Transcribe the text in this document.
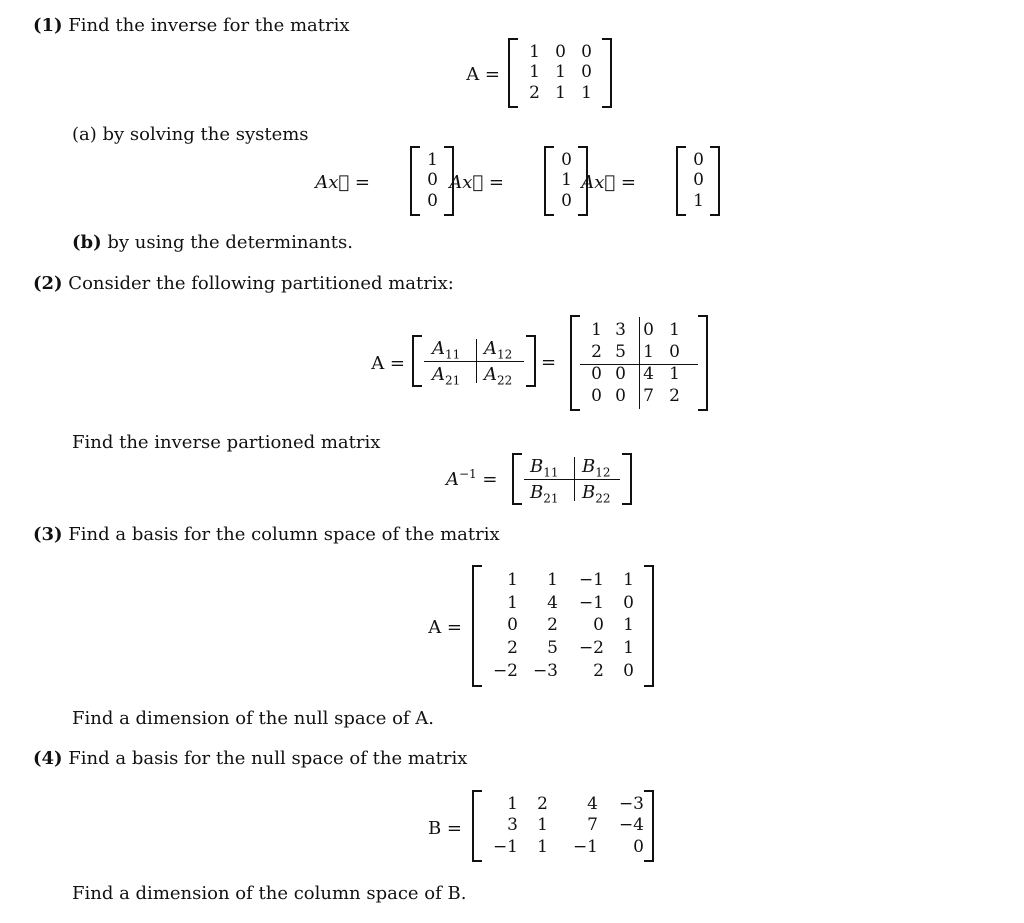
(1) Find the inverse for the matrix
A =
1 0 0
1 1 0
2 1 1
(a) by solving the systems
Ax⃗ =
1
0
0
Ax⃗ =
0
1
0
Ax⃗ =
0
0
1
(b) by using the determinants.
(2) Consider the following partitioned matrix:
A =
$A_{11}$ $A_{12}$
$A_{21}$ $A_{22}$
=
1 3	0 1
2 5	1 0
0 0	4 1
0 0	7 2
Find the inverse partioned matrix
$A^{-1}$ =
$B_{11}$ $B_{12}$
$B_{21}$ $B_{22}$
(3) Find a basis for the column space of the matrix
A =
1	1	−1	1
1	4	−1	0
0	2	0	1
2	5	−2	1
−2 −3	2	0
Find a dimension of the null space of A.
(4) Find a basis for the null space of the matrix
B =
1	2	4	−3
3	1	7	−4
−1	1	−1	0
Find a dimension of the column space of B.
